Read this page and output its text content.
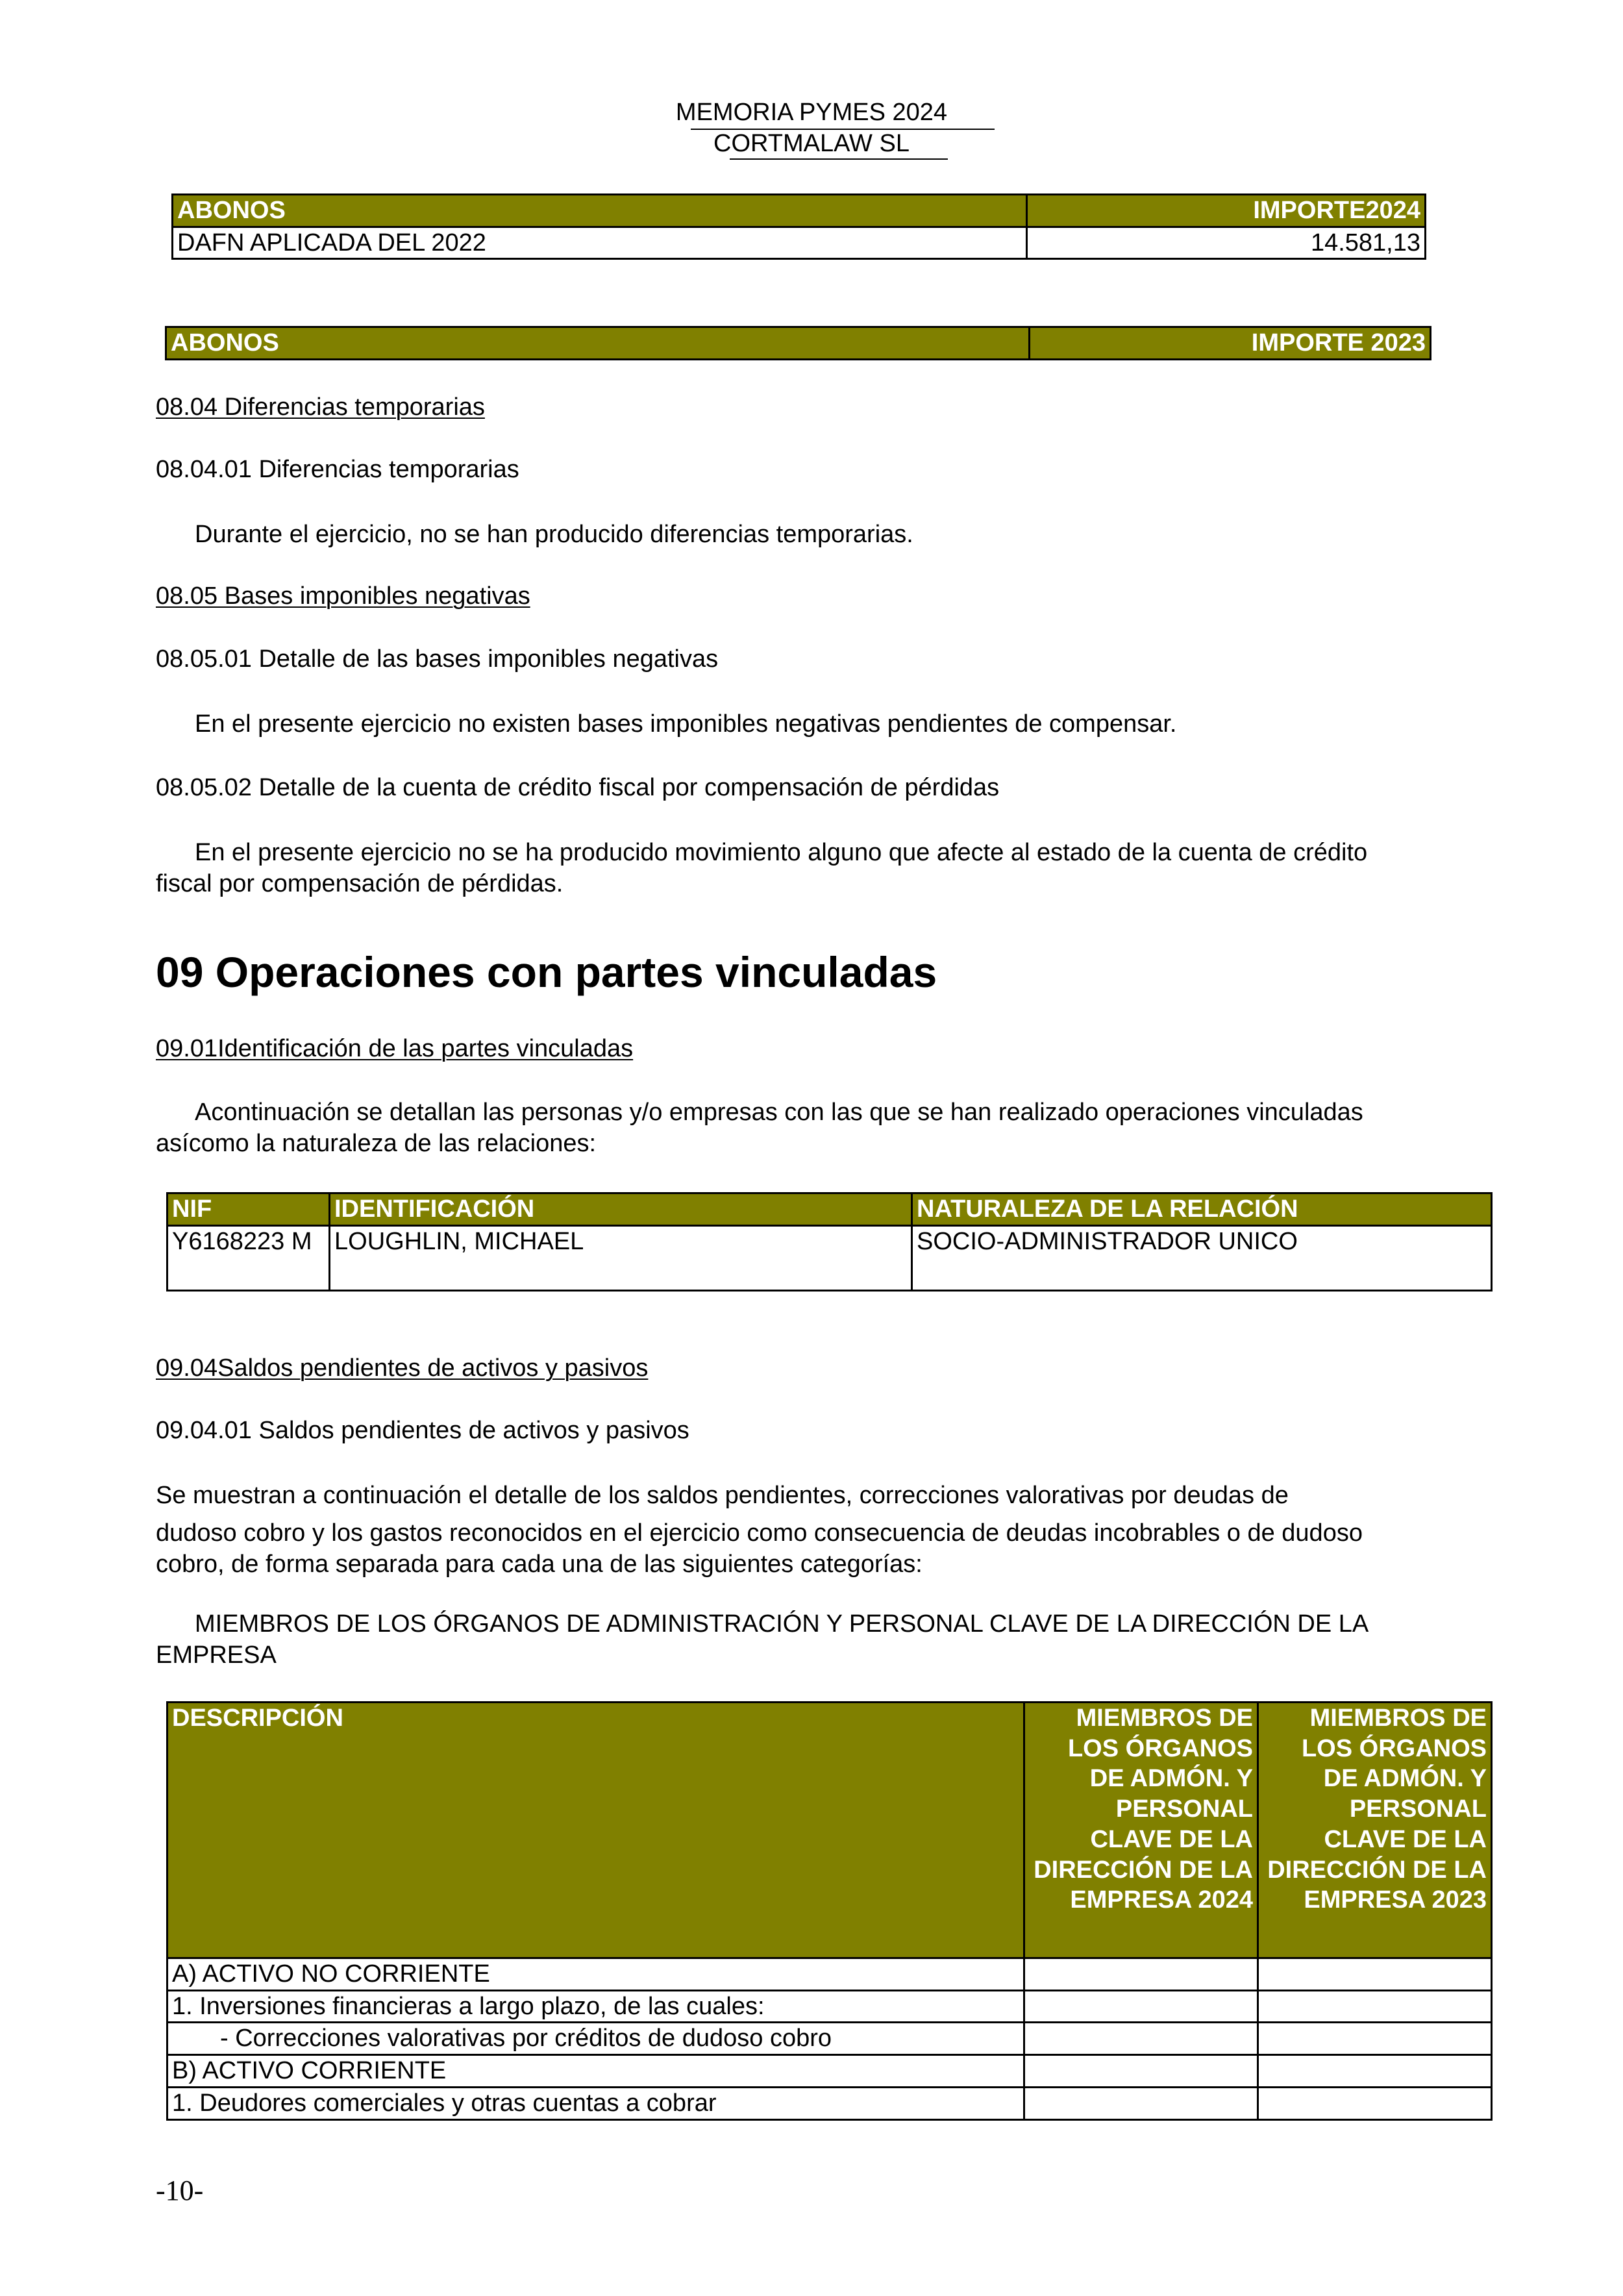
MEMORIA PYMES 2024
CORTMALAW SL
ABONOS	IMPORTE2024
DAFN APLICADA DEL 2022	14.581,13
ABONOS	IMPORTE 2023
08.04 Diferencias temporarias
08.04.01 Diferencias temporarias
Durante el ejercicio, no se han producido diferencias temporarias.
08.05 Bases imponibles negativas
08.05.01 Detalle de las bases imponibles negativas
En el presente ejercicio no existen bases imponibles negativas pendientes de compensar.
08.05.02 Detalle de la cuenta de crédito fiscal por compensación de pérdidas
En el presente ejercicio no se ha producido movimiento alguno que afecte al estado de la cuenta de crédito
fiscal por compensación de pérdidas.
09 Operaciones con partes vinculadas
09.01Identificación de las partes vinculadas
Acontinuación se detallan las personas y/o empresas con las que se han realizado operaciones vinculadas
asícomo la naturaleza de las relaciones:
NIF	IDENTIFICACIÓN	NATURALEZA DE LA RELACIÓN
Y6168223 M	LOUGHLIN, MICHAEL	SOCIO-ADMINISTRADOR UNICO
09.04Saldos pendientes de activos y pasivos
09.04.01 Saldos pendientes de activos y pasivos
Se muestran a continuación el detalle de los saldos pendientes, correcciones valorativas por deudas de
dudoso cobro y los gastos reconocidos en el ejercicio como consecuencia de deudas incobrables o de dudoso
cobro, de forma separada para cada una de las siguientes categorías:
MIEMBROS DE LOS ÓRGANOS DE ADMINISTRACIÓN Y PERSONAL CLAVE DE LA DIRECCIÓN DE LA
EMPRESA
DESCRIPCIÓN	MIEMBROS DE LOS ÓRGANOS DE ADMÓN. Y PERSONAL CLAVE DE LA DIRECCIÓN DE LA EMPRESA 2024	MIEMBROS DE LOS ÓRGANOS DE ADMÓN. Y PERSONAL CLAVE DE LA DIRECCIÓN DE LA EMPRESA 2023
A) ACTIVO NO CORRIENTE		
1. Inversiones financieras a largo plazo, de las cuales:		
- Correcciones valorativas por créditos de dudoso cobro		
B) ACTIVO CORRIENTE		
1. Deudores comerciales y otras cuentas a cobrar		
-10-
